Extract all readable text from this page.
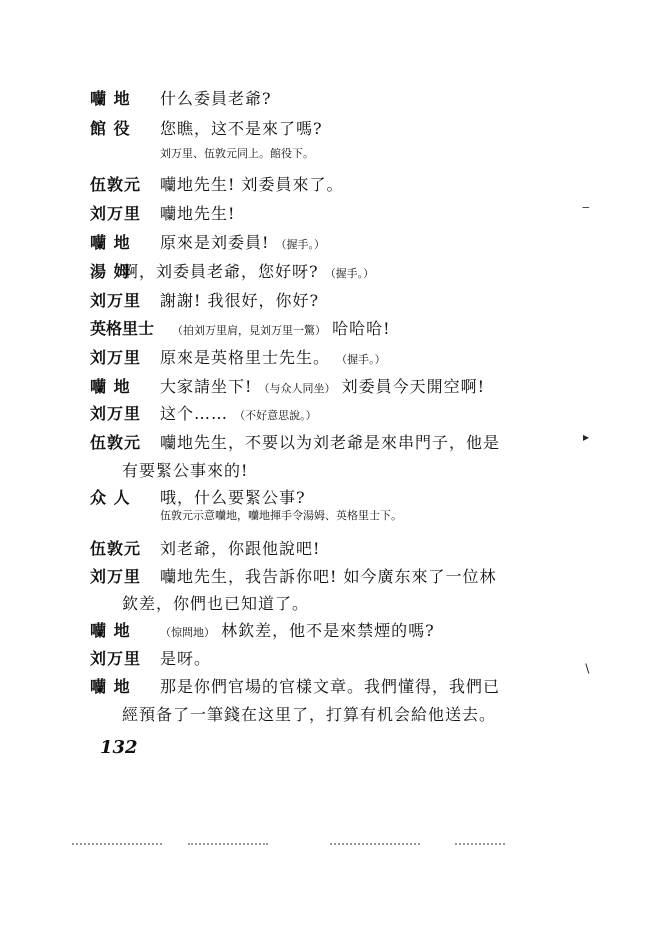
囒 地 什么委員老爺?
館 役 您瞧，这不是來了嗎?
刘万里、伍敦元同上。館役下。
伍敦元 囒地先生! 刘委員來了。
刘万里 囒地先生!
囒 地 原來是刘委員! （握手。）
湯 姆
啊，刘委員老爺，您好呀? （握手。）
刘万里 謝謝! 我很好，你好?
英格里士 （拍刘万里肩，見刘万里一驚） 哈哈哈!
刘万里 原來是英格里士先生。 （握手。）
囒 地 大家請坐下! （与众人同坐） 刘委員今天開空啊!
刘万里 这个…… （不好意思說。）
伍敦元 囒地先生，不要以为刘老爺是來串門子，他是
有要緊公事來的!
众 人 哦，什么要緊公事?
伍敦元示意囒地，囒地揮手令湯姆、英格里士下。
伍敦元 刘老爺，你跟他說吧!
刘万里 囒地先生，我告訴你吧! 如今廣东來了一位林
欽差，你們也已知道了。
囒 地	（惊問地） 林欽差，他不是來禁煙的嗎?
刘万里 是呀。
囒 地 那是你們官場的官樣文章。我們懂得，我們已
經預备了一筆錢在这里了，打算有机会給他送去。
132
‒
▸
∖
